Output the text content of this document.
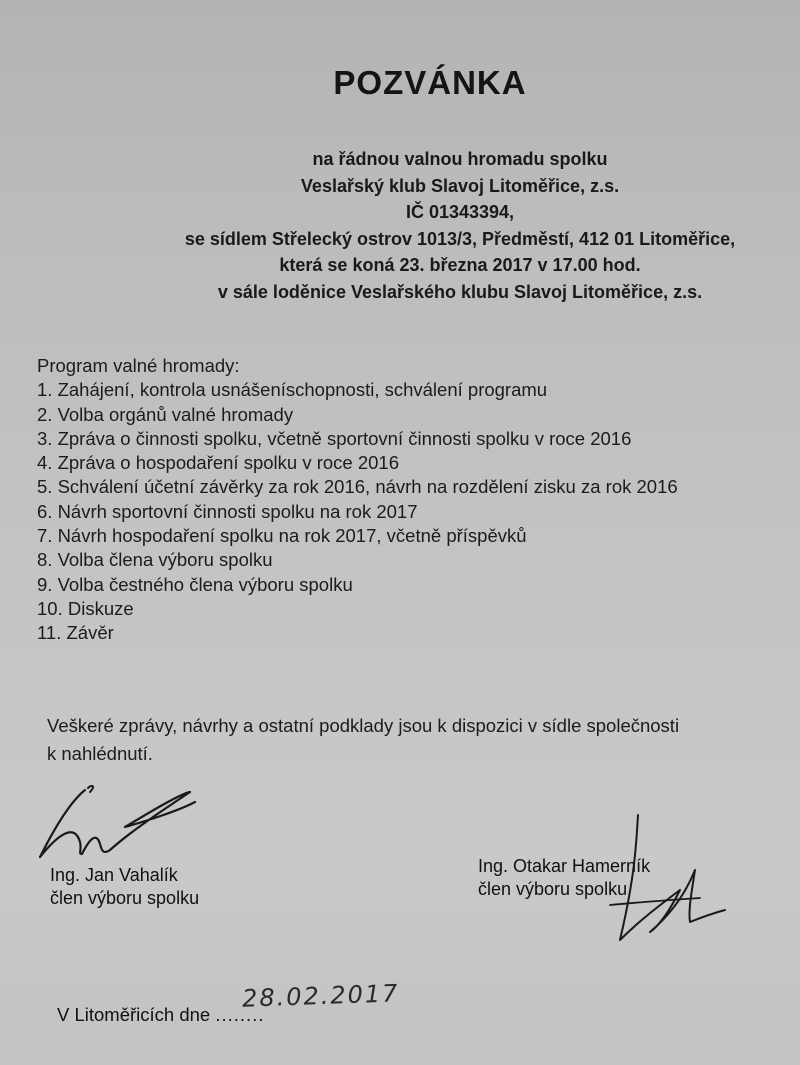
POZVÁNKA
na řádnou valnou hromadu spolku
Veslařský klub Slavoj Litoměřice, z.s.
IČ 01343394,
se sídlem Střelecký ostrov 1013/3, Předměstí, 412 01 Litoměřice,
která se koná 23. března 2017 v 17.00 hod.
v sále loděnice Veslařského klubu Slavoj Litoměřice, z.s.
Program valné hromady:
1. Zahájení, kontrola usnášeníschopnosti, schválení programu
2. Volba orgánů valné hromady
3. Zpráva o činnosti spolku, včetně sportovní činnosti spolku v roce 2016
4. Zpráva o hospodaření spolku v roce 2016
5. Schválení účetní závěrky za rok 2016, návrh na rozdělení zisku za rok 2016
6. Návrh sportovní činnosti spolku na rok 2017
7. Návrh hospodaření spolku na rok 2017, včetně příspěvků
8. Volba člena výboru spolku
9. Volba čestného člena výboru spolku
10. Diskuze
11. Závěr
Veškeré zprávy, návrhy a ostatní podklady jsou k dispozici v sídle společnosti
k nahlédnutí.
Ing. Jan Vahalík
člen výboru spolku
Ing. Otakar Hamerník
člen výboru spolku
V Litoměřicích dne ........
28.02.2017
